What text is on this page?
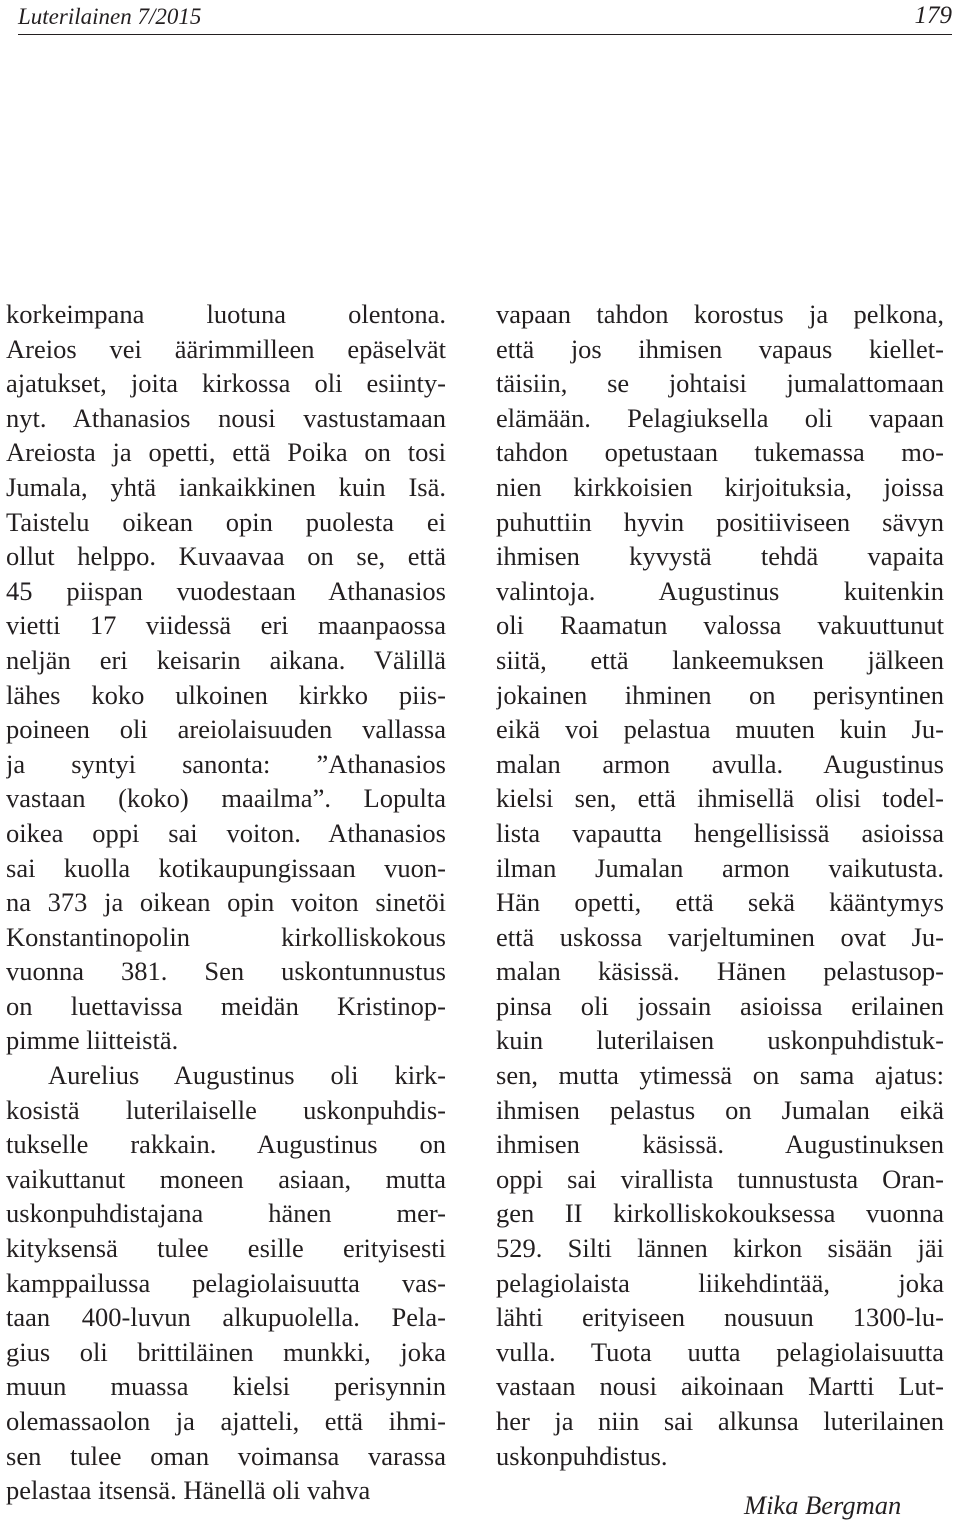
Luterilainen 7/2015	179
korkeimpana luotuna olentona.
Areios vei äärimmilleen epäselvät
ajatukset, joita kirkossa oli esiinty-
nyt. Athanasios nousi vastustamaan
Areiosta ja opetti, että Poika on tosi
Jumala, yhtä iankaikkinen kuin Isä.
Taistelu oikean opin puolesta ei
ollut helppo. Kuvaavaa on se, että
45 piispan vuodestaan Athanasios
vietti 17 viidessä eri maanpaossa
neljän eri keisarin aikana. Välillä
lähes koko ulkoinen kirkko piis-
poineen oli areiolaisuuden vallassa
ja syntyi sanonta: ”Athanasios
vastaan (koko) maailma”. Lopulta
oikea oppi sai voiton. Athanasios
sai kuolla kotikaupungissaan vuon-
na 373 ja oikean opin voiton sinetöi
Konstantinopolin kirkolliskokous
vuonna 381. Sen uskontunnustus
on luettavissa meidän Kristinop-
pimme liitteistä.
Aurelius Augustinus oli kirk-
kosistä luterilaiselle uskonpuhdis-
tukselle rakkain. Augustinus on
vaikuttanut moneen asiaan, mutta
uskonpuhdistajana hänen mer-
kityksensä tulee esille erityisesti
kamppailussa pelagiolaisuutta vas-
taan 400-luvun alkupuolella. Pela-
gius oli brittiläinen munkki, joka
muun muassa kielsi perisynnin
olemassaolon ja ajatteli, että ihmi-
sen tulee oman voimansa varassa
pelastaa itsensä. Hänellä oli vahva
vapaan tahdon korostus ja pelkona,
että jos ihmisen vapaus kiellet-
täisiin, se johtaisi jumalattomaan
elämään. Pelagiuksella oli vapaan
tahdon opetustaan tukemassa mo-
nien kirkkoisien kirjoituksia, joissa
puhuttiin hyvin positiiviseen sävyn
ihmisen kyvystä tehdä vapaita
valintoja. Augustinus kuitenkin
oli Raamatun valossa vakuuttunut
siitä, että lankeemuksen jälkeen
jokainen ihminen on perisyntinen
eikä voi pelastua muuten kuin Ju-
malan armon avulla. Augustinus
kielsi sen, että ihmisellä olisi todel-
lista vapautta hengellisissä asioissa
ilman Jumalan armon vaikutusta.
Hän opetti, että sekä kääntymys
että uskossa varjeltuminen ovat Ju-
malan käsissä. Hänen pelastusop-
pinsa oli jossain asioissa erilainen
kuin luterilaisen uskonpuhdistuk-
sen, mutta ytimessä on sama ajatus:
ihmisen pelastus on Jumalan eikä
ihmisen käsissä. Augustinuksen
oppi sai virallista tunnustusta Oran-
gen II kirkolliskokouksessa vuonna
529. Silti lännen kirkon sisään jäi
pelagiolaista liikehdintää, joka
lähti erityiseen nousuun 1300-lu-
vulla. Tuota uutta pelagiolaisuutta
vastaan nousi aikoinaan Martti Lut-
her ja niin sai alkunsa luterilainen
uskonpuhdistus.
Mika Bergman
